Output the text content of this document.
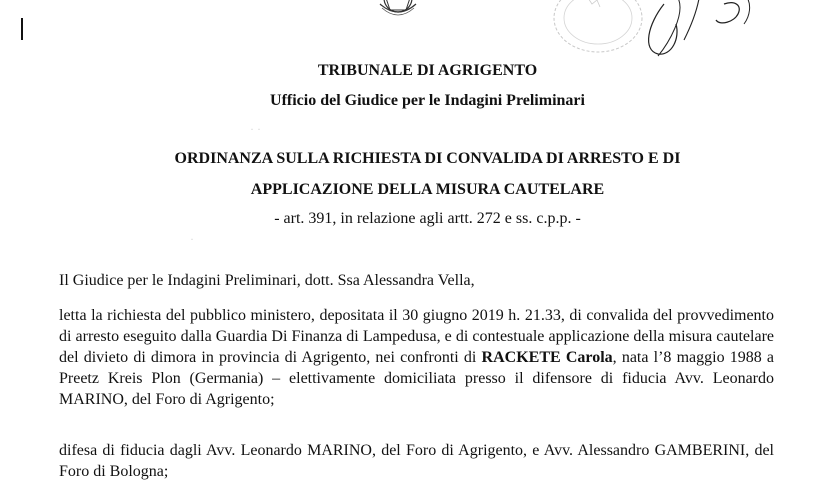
· ·
·
TRIBUNALE DI AGRIGENTO
Ufficio del Giudice per le Indagini Preliminari
ORDINANZA SULLA RICHIESTA DI CONVALIDA DI ARRESTO E DI
APPLICAZIONE DELLA MISURA CAUTELARE
- art. 391, in relazione agli artt. 272 e ss. c.p.p. -

Il Giudice per le Indagini Preliminari, dott. Ssa Alessandra Vella,

letta la richiesta del pubblico ministero, depositata il 30 giugno 2019 h. 21.33, di convalida del provvedimento di arresto eseguito dalla Guardia Di Finanza di Lampedusa, e di contestuale applicazione della misura cautelare del divieto di dimora in provincia di Agrigento, nei confronti di RACKETE Carola, nata l’8 maggio 1988 a Preetz Kreis Plon (Germania) – elettivamente domiciliata presso il difensore di fiducia Avv. Leonardo MARINO, del Foro di Agrigento;

difesa di fiducia dagli Avv. Leonardo MARINO, del Foro di Agrigento, e Avv. Alessandro GAMBERINI, del Foro di Bologna;
